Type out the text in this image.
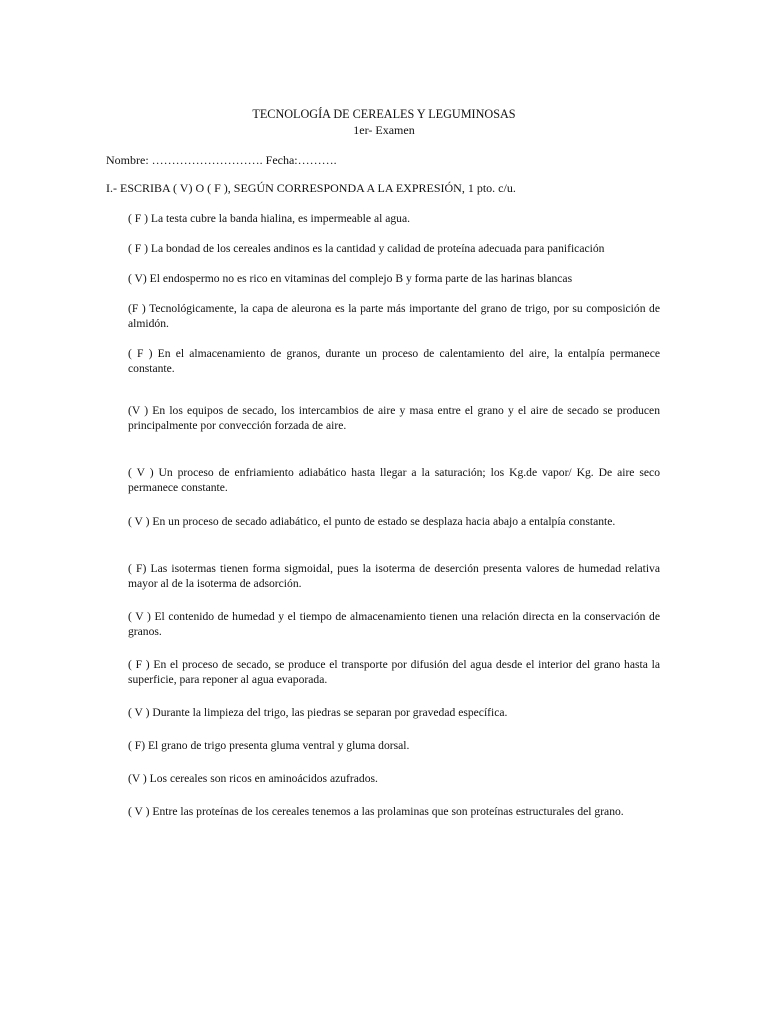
TECNOLOGÍA DE CEREALES Y LEGUMINOSAS
1er- Examen
Nombre: ………………………. Fecha:……….
I.- ESCRIBA ( V) O ( F ), SEGÚN CORRESPONDA A LA EXPRESIÓN, 1 pto. c/u.
( F ) La testa cubre la banda hialina, es impermeable al agua.
( F ) La bondad de los cereales andinos es la cantidad y calidad de proteína adecuada para panificación
( V) El endospermo no es rico en vitaminas del complejo B y forma parte de las harinas blancas
(F ) Tecnológicamente, la capa de aleurona es la parte más importante del grano de trigo, por su composición de almidón.
( F ) En el almacenamiento de granos, durante un proceso de calentamiento del aire, la entalpía permanece constante.
(V ) En los equipos de secado, los intercambios de aire y masa entre el grano y el aire de secado se producen principalmente por convección forzada de aire.
( V ) Un proceso de enfriamiento adiabático hasta llegar a la saturación; los Kg.de vapor/ Kg. De aire seco permanece constante.
( V ) En un proceso de secado adiabático, el punto de estado se desplaza hacia abajo a entalpía constante.
( F) Las isotermas tienen forma sigmoidal, pues la isoterma de deserción presenta valores de humedad relativa mayor al de la isoterma de adsorción.
( V ) El contenido de humedad y el tiempo de almacenamiento tienen una relación directa en la conservación de granos.
( F ) En el proceso de secado, se produce el transporte por difusión del agua desde el interior del grano hasta la superficie, para reponer al agua evaporada.
( V ) Durante la limpieza del trigo, las piedras se separan por gravedad específica.
( F) El grano de trigo presenta gluma ventral y gluma dorsal.
(V ) Los cereales son ricos en aminoácidos azufrados.
( V ) Entre las proteínas de los cereales tenemos a las prolaminas que son proteínas estructurales del grano.
